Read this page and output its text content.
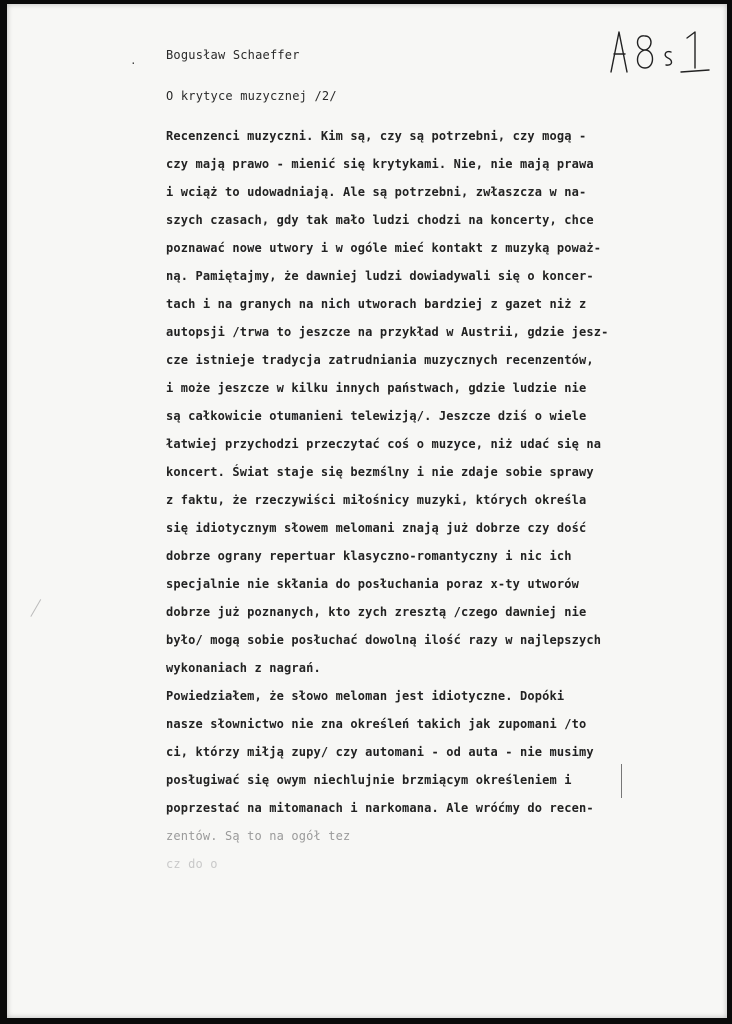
. Bogusław Schaeffer

O krytyce muzycznej /2/

Recenzenci muzyczni. Kim są, czy są potrzebni, czy mogą -
czy mają prawo - mienić się krytykami. Nie, nie mają prawa
i wciąż to udowadniają. Ale są potrzebni, zwłaszcza w na-
szych czasach, gdy tak mało ludzi chodzi na koncerty, chce
poznawać nowe utwory i w ogóle mieć kontakt z muzyką poważ-
ną. Pamiętajmy, że dawniej ludzi dowiadywali się o koncer-
tach i na granych na nich utworach bardziej z gazet niż z
autopsji /trwa to jeszcze na przykład w Austrii, gdzie jesz-
cze istnieje tradycja zatrudniania muzycznych recenzentów,
i może jeszcze w kilku innych państwach, gdzie ludzie nie
są całkowicie otumanieni telewizją/. Jeszcze dziś o wiele
łatwiej przychodzi przeczytać coś o muzyce, niż udać się na
koncert. Świat staje się bezmślny i nie zdaje sobie sprawy
z faktu, że rzeczywiści miłośnicy muzyki, których określa
się idiotycznym słowem melomani znają już dobrze czy dość
dobrze ograny repertuar klasyczno-romantyczny i nic ich
specjalnie nie skłania do posłuchania poraz x-ty utworów
dobrze już poznanych, kto zych zresztą /czego dawniej nie
było/ mogą sobie posłuchać dowolną ilość razy w najlepszych
wykonaniach z nagrań.
Powiedziałem, że słowo meloman jest idiotyczne. Dopóki
nasze słownictwo nie zna określeń takich jak zupomani /to
ci, którzy miłją zupy/ czy automani - od auta - nie musimy
posługiwać się owym niechlujnie brzmiącym określeniem i
poprzestać na mitomanach i narkomana. Ale wróćmy do recen-
zentów. Są to na ogół tez
cz do o
